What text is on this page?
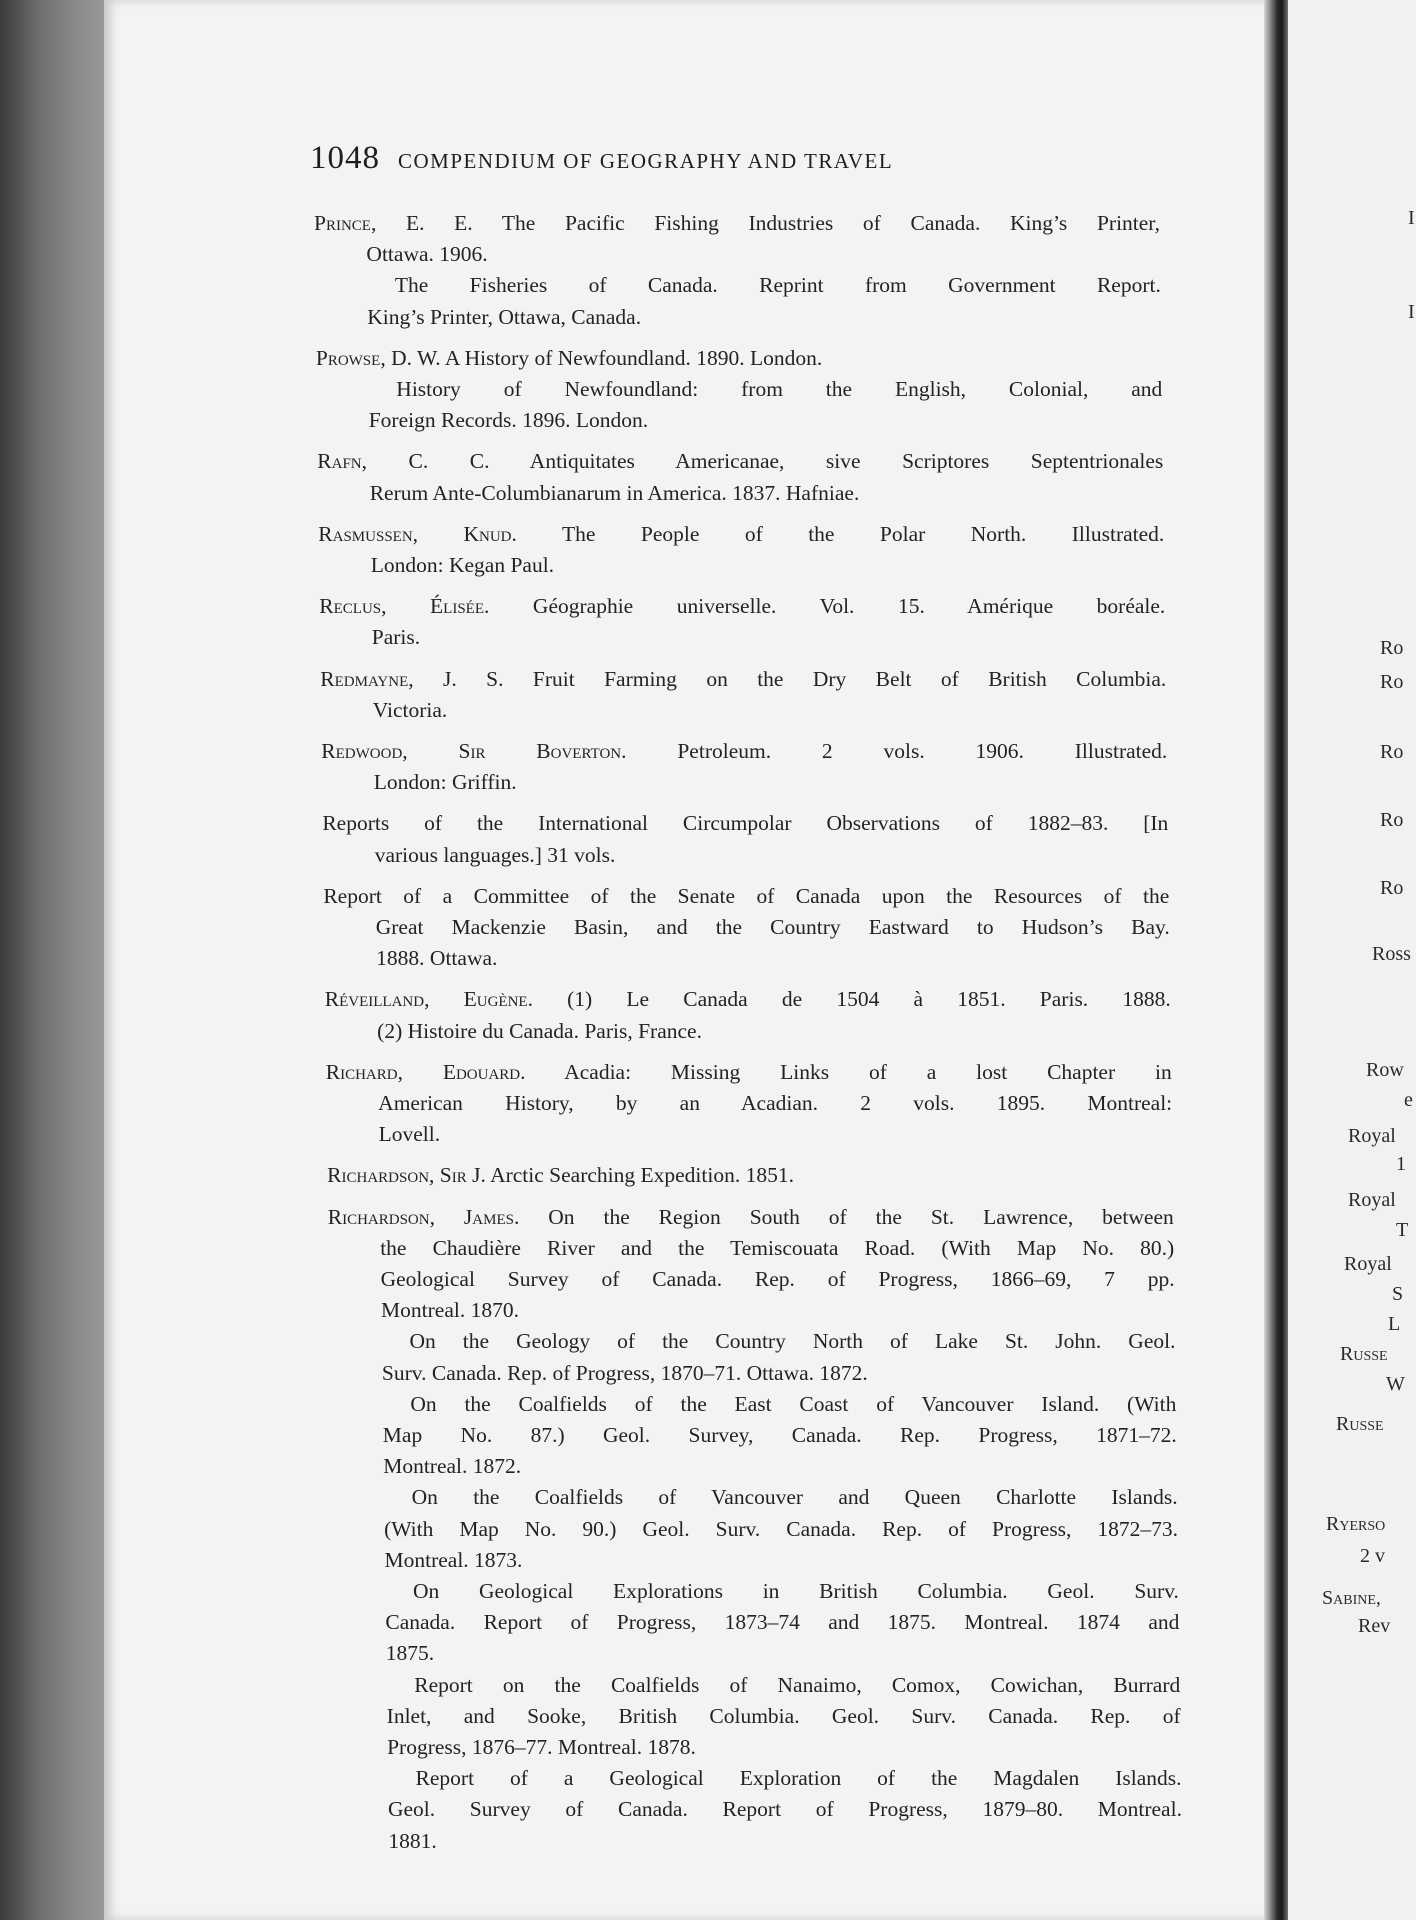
1048 COMPENDIUM OF GEOGRAPHY AND TRAVEL
Prince, E. E. The Pacific Fishing Industries of Canada. King’s Printer,
Ottawa. 1906.
The Fisheries of Canada. Reprint from Government Report.
King’s Printer, Ottawa, Canada.
Prowse, D. W. A History of Newfoundland. 1890. London.
History of Newfoundland: from the English, Colonial, and
Foreign Records. 1896. London.
Rafn, C. C. Antiquitates Americanae, sive Scriptores Septentrionales
Rerum Ante-Columbianarum in America. 1837. Hafniae.
Rasmussen, Knud. The People of the Polar North. Illustrated.
London: Kegan Paul.
Reclus, Élisée. Géographie universelle. Vol. 15. Amérique boréale.
Paris.
Redmayne, J. S. Fruit Farming on the Dry Belt of British Columbia.
Victoria.
Redwood, Sir Boverton. Petroleum. 2 vols. 1906. Illustrated.
London: Griffin.
Reports of the International Circumpolar Observations of 1882–83. [In
various languages.] 31 vols.
Report of a Committee of the Senate of Canada upon the Resources of the
Great Mackenzie Basin, and the Country Eastward to Hudson’s Bay.
1888. Ottawa.
Réveilland, Eugène. (1) Le Canada de 1504 à 1851. Paris. 1888.
(2) Histoire du Canada. Paris, France.
Richard, Edouard. Acadia: Missing Links of a lost Chapter in
American History, by an Acadian. 2 vols. 1895. Montreal:
Lovell.
Richardson, Sir J. Arctic Searching Expedition. 1851.
Richardson, James. On the Region South of the St. Lawrence, between
the Chaudière River and the Temiscouata Road. (With Map No. 80.)
Geological Survey of Canada. Rep. of Progress, 1866–69, 7 pp.
Montreal. 1870.
On the Geology of the Country North of Lake St. John. Geol.
Surv. Canada. Rep. of Progress, 1870–71. Ottawa. 1872.
On the Coalfields of the East Coast of Vancouver Island. (With
Map No. 87.) Geol. Survey, Canada. Rep. Progress, 1871–72.
Montreal. 1872.
On the Coalfields of Vancouver and Queen Charlotte Islands.
(With Map No. 90.) Geol. Surv. Canada. Rep. of Progress, 1872–73.
Montreal. 1873.
On Geological Explorations in British Columbia. Geol. Surv.
Canada. Report of Progress, 1873–74 and 1875. Montreal. 1874 and
1875.
Report on the Coalfields of Nanaimo, Comox, Cowichan, Burrard
Inlet, and Sooke, British Columbia. Geol. Surv. Canada. Rep. of
Progress, 1876–77. Montreal. 1878.
Report of a Geological Exploration of the Magdalen Islands.
Geol. Survey of Canada. Report of Progress, 1879–80. Montreal.
1881.
I
I
Ro
Ro
Ro
Ro
Ro
Ross
Row
e
Royal
1
Royal
T
Royal
S
L
Russe
W
Russe
Ryerso
2 v
Sabine,
Rev
